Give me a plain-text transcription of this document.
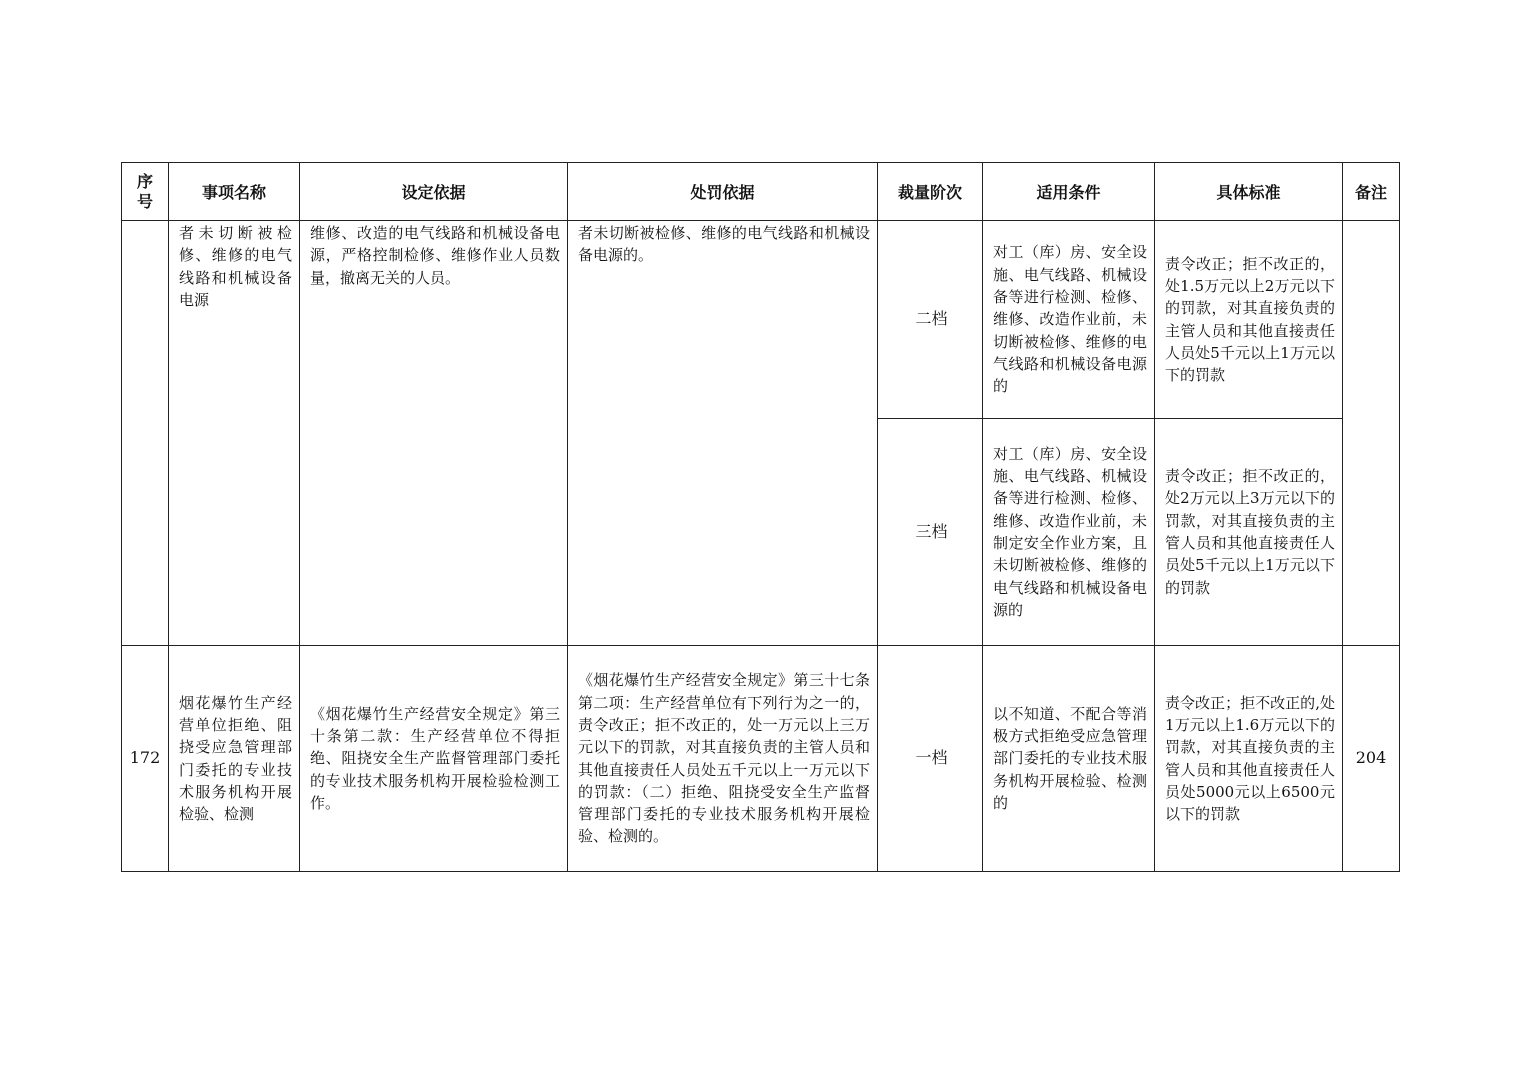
序
号	事项名称	设定依据	处罚依据	裁量阶次	适用条件	具体标准	备注

	者未切断被检修、维修的电气线路和机械设备电源	维修、改造的电气线路和机械设备电源，严格控制检修、维修作业人员数量，撤离无关的人员。	者未切断被检修、维修的电气线路和机械设备电源的。	二档	对工（库）房、安全设施、电气线路、机械设备等进行检测、检修、维修、改造作业前，未切断被检修、维修的电气线路和机械设备电源的	责令改正；拒不改正的，处1.5万元以上2万元以下的罚款，对其直接负责的主管人员和其他直接责任人员处5千元以上1万元以下的罚款	

				三档	对工（库）房、安全设施、电气线路、机械设备等进行检测、检修、维修、改造作业前，未制定安全作业方案，且未切断被检修、维修的电气线路和机械设备电源的	责令改正；拒不改正的，处2万元以上3万元以下的罚款，对其直接负责的主管人员和其他直接责任人员处5千元以上1万元以下的罚款	

172	烟花爆竹生产经营单位拒绝、阻挠受应急管理部门委托的专业技术服务机构开展检验、检测	《烟花爆竹生产经营安全规定》第三十条第二款：生产经营单位不得拒绝、阻挠安全生产监督管理部门委托的专业技术服务机构开展检验检测工作。	《烟花爆竹生产经营安全规定》第三十七条第二项：生产经营单位有下列行为之一的，责令改正；拒不改正的，处一万元以上三万元以下的罚款，对其直接负责的主管人员和其他直接责任人员处五千元以上一万元以下的罚款：（二）拒绝、阻挠受安全生产监督管理部门委托的专业技术服务机构开展检验、检测的。	一档	以不知道、不配合等消极方式拒绝受应急管理部门委托的专业技术服务机构开展检验、检测的	责令改正；拒不改正的,处1万元以上1.6万元以下的罚款，对其直接负责的主管人员和其他直接责任人员处5000元以上6500元以下的罚款	204
